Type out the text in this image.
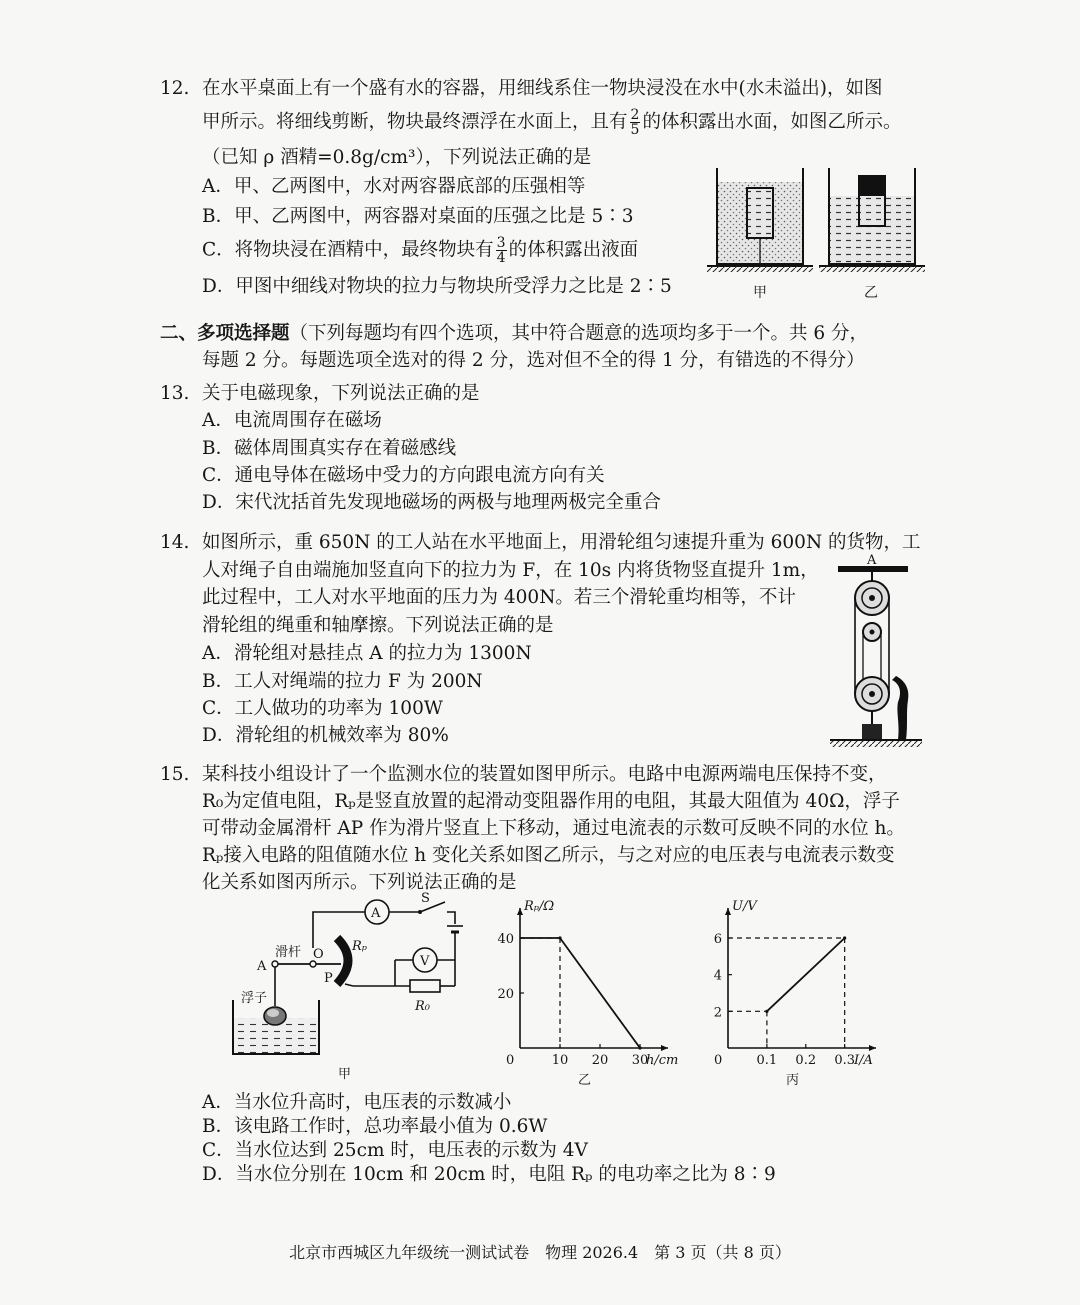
12. 在水平桌面上有一个盛有水的容器，用细线系住一物块浸没在水中(水未溢出)，如图
甲所示。将细线剪断，物块最终漂浮在水面上，且有 $\frac{2}{5}$ 的体积露出水面，如图乙所示。
（已知 ρ 酒精=0.8g/cm³），下列说法正确的是
A．甲、乙两图中，水对两容器底部的压强相等
B．甲、乙两图中，两容器对桌面的压强之比是 5∶3
C．将物块浸在酒精中，最终物块有 $\frac{3}{4}$ 的体积露出液面
D．甲图中细线对物块的拉力与物块所受浮力之比是 2∶5	甲	乙
二、多项选择题（下列每题均有四个选项，其中符合题意的选项均多于一个。共 6 分，
每题 2 分。每题选项全选对的得 2 分，选对但不全的得 1 分，有错选的不得分）
13. 关于电磁现象，下列说法正确的是
A．电流周围存在磁场
B．磁体周围真实存在着磁感线
C．通电导体在磁场中受力的方向跟电流方向有关
D．宋代沈括首先发现地磁场的两极与地理两极完全重合
14. 如图所示，重 650N 的工人站在水平地面上，用滑轮组匀速提升重为 600N 的货物，工
人对绳子自由端施加竖直向下的拉力为 F，在 10s 内将货物竖直提升 1m，
此过程中，工人对水平地面的压力为 400N。若三个滑轮重均相等，不计
滑轮组的绳重和轴摩擦。下列说法正确的是
A．滑轮组对悬挂点 A 的拉力为 1300N
B．工人对绳端的拉力 F 为 200N
C．工人做功的功率为 100W
D．滑轮组的机械效率为 80%
A
15. 某科技小组设计了一个监测水位的装置如图甲所示。电路中电源两端电压保持不变，
R₀为定值电阻，Rₚ是竖直放置的起滑动变阻器作用的电阻，其最大阻值为 40Ω，浮子
可带动金属滑杆 AP 作为滑片竖直上下移动，通过电流表的示数可反映不同的水位 h。
Rₚ接入电路的阻值随水位 h 变化关系如图乙所示，与之对应的电压表与电流表示数变
化关系如图丙所示。下列说法正确的是
A
S
V
R₀
Rₚ
滑杆
A
O
P
浮子
甲
Rₚ/Ω
h/cm
0	10 20 30
20
40
乙
U/V
I/A
0	0.1 0.2 0.3
2
4
6
丙
A．当水位升高时，电压表的示数减小
B．该电路工作时，总功率最小值为 0.6W
C．当水位达到 25cm 时，电压表的示数为 4V
D．当水位分别在 10cm 和 20cm 时，电阻 Rₚ 的电功率之比为 8∶9
北京市西城区九年级统一测试试卷　物理 2026.4　第 3 页（共 8 页）
